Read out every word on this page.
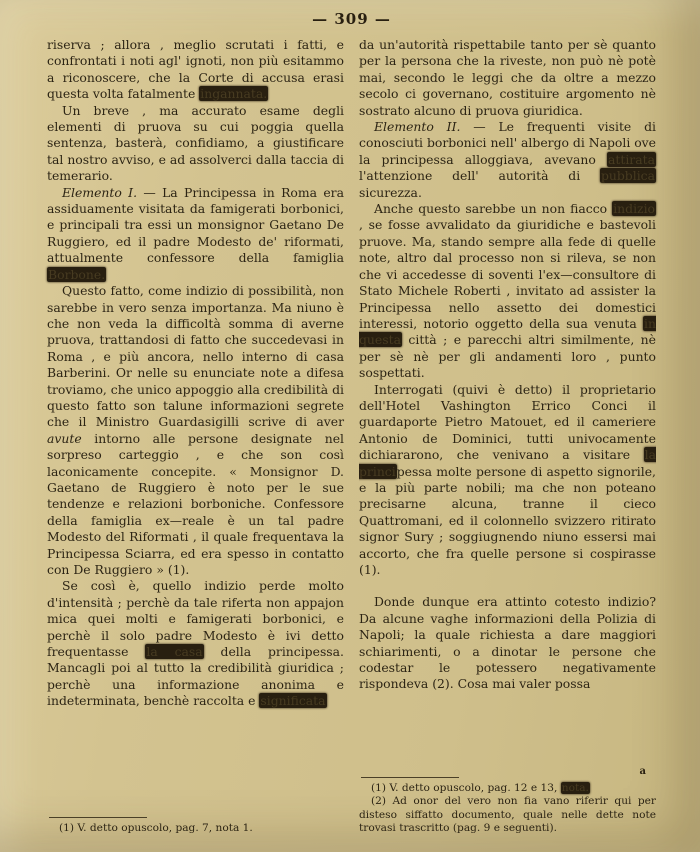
— 309 —

riserva ; allora , meglio scrutati i fatti, e confrontati i noti agl' ignoti, non più esitammo a riconoscere, che la Corte di accusa erasi questa volta fatalmente ingannata.

Un breve , ma accurato esame degli elementi di pruova su cui poggia quella sentenza, basterà, confidiamo, a giustificare tal nostro avviso, e ad assolverci dalla taccia di temerario.

Elemento I. — La Principessa in Roma era assiduamente visitata da famigerati borbonici, e principali tra essi un monsignor Gaetano De Ruggiero, ed il padre Modesto de' riformati, attualmente confessore della famiglia Borbone.

Questo fatto, come indizio di possibilità, non sarebbe in vero senza importanza. Ma niuno è che non veda la difficoltà somma di averne pruova, trattandosi di fatto che succedevasi in Roma , e più ancora, nello interno di casa Barberini. Or nelle su enunciate note a difesa troviamo, che unico appoggio alla credibilità di questo fatto son talune informazioni segrete che il Ministro Guardasigilli scrive di aver avute intorno alle persone designate nel sorpreso carteggio , e che son così laconicamente concepite. « Monsignor D. Gaetano de Ruggiero è noto per le sue tendenze e relazioni borboniche. Confessore della famiglia ex—reale è un tal padre Modesto del Riformati , il quale frequentava la Principessa Sciarra, ed era spesso in contatto con De Ruggiero » (1).

Se così è, quello indizio perde molto d'intensità ; perchè da tale riferta non appajon mica quei molti e famigerati borbonici, e perchè il solo padre Modesto è ivi detto frequentasse la casa della principessa. Mancagli poi al tutto la credibilità giuridica ; perchè una informazione anonima e indeterminata, benchè raccolta e significata

(1) V. detto opuscolo, pag. 7, nota 1.

da un'autorità rispettabile tanto per sè quanto per la persona che la riveste, non può nè potè mai, secondo le leggi che da oltre a mezzo secolo ci governano, costituire argomento nè sostrato alcuno di pruova giuridica.

Elemento II. — Le frequenti visite di conosciuti borbonici nell' albergo di Napoli ove la principessa alloggiava, avevano attirata l'attenzione dell' autorità di pubblica sicurezza.

Anche questo sarebbe un non fiacco indizio , se fosse avvalidato da giuridiche e bastevoli pruove. Ma, stando sempre alla fede di quelle note, altro dal processo non si rileva, se non che vi accedesse di soventi l'ex—consultore di Stato Michele Roberti , invitato ad assister la Principessa nello assetto dei domestici interessi, notorio oggetto della sua venuta in questa città ; e parecchi altri similmente, nè per sè nè per gli andamenti loro , punto sospettati.

Interrogati (quivi è detto) il proprietario dell'Hotel Vashington Errico Conci il guardaporte Pietro Matouet, ed il cameriere Antonio de Dominici, tutti univocamente dichiararono, che venivano a visitare la principessa molte persone di aspetto signorile, e la più parte nobili; ma che non poteano precisarne alcuna, tranne il cieco Quattromani, ed il colonnello svizzero ritirato signor Sury ; soggiugnendo niuno essersi mai accorto, che fra quelle persone si cospirasse (1).

Donde dunque era attinto cotesto indizio? Da alcune vaghe informazioni della Polizia di Napoli; la quale richiesta a dare maggiori schiarimenti, o a dinotar le persone che codestar le potessero negativamente rispondeva (2). Cosa mai valer possa

a

(1) V. detto opuscolo, pag. 12 e 13, nota.

(2) Ad onor del vero non fia vano riferir qui per disteso siffatto documento, quale nelle dette note trovasi trascritto (pag. 9 e seguenti).
